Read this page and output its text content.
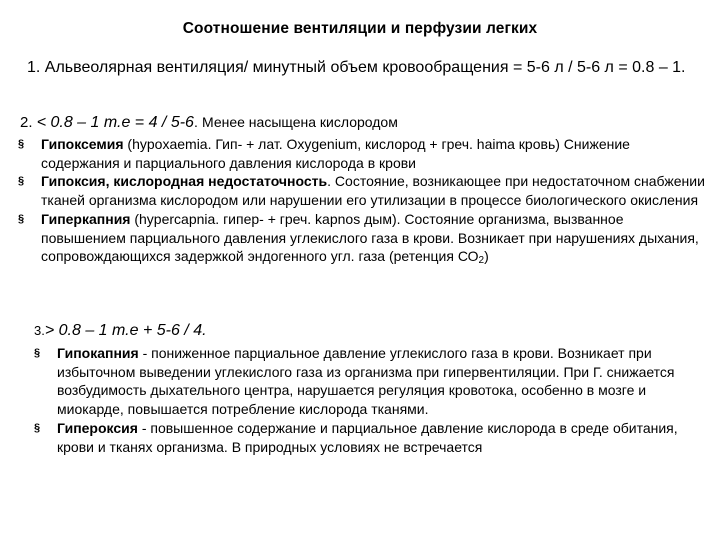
Соотношение вентиляции и перфузии легких
1. Альвеолярная вентиляция/ минутный объем кровообращения = 5-6 л / 5-6 л = 0.8 – 1.
2. < 0.8 – 1 т.е = 4 / 5-6. Менее насыщена кислородом
§ Гипоксемия (hypoxaemia. Гип- + лат. Oxygenium, кислород + греч. haima кровь) Снижение содержания и парциального давления кислорода в крови
§ Гипоксия, кислородная недостаточность. Состояние, возникающее при недостаточном снабжении тканей организма кислородом или нарушении его утилизации в процессе биологического окисления
§ Гиперкапния (hypercapnia. гипер- + греч. kapnos дым). Состояние организма, вызванное повышением парциального давления углекислого газа в крови. Возникает при нарушениях дыхания, сопровождающихся задержкой эндогенного угл. газа (ретенция $СО_2$)
3.> 0.8 – 1 т.е + 5-6 / 4.
§ Гипокапния - пониженное парциальное давление углекислого газа в крови. Возникает при избыточном выведении углекислого газа из организма при гипервентиляции. При Г. снижается возбудимость дыхательного центра, нарушается регуляция кровотока, особенно в мозге и миокарде, повышается потребление кислорода тканями.
§ Гипероксия - повышенное содержание и парциальное давление кислорода в среде обитания, крови и тканях организма. В природных условиях не встречается
